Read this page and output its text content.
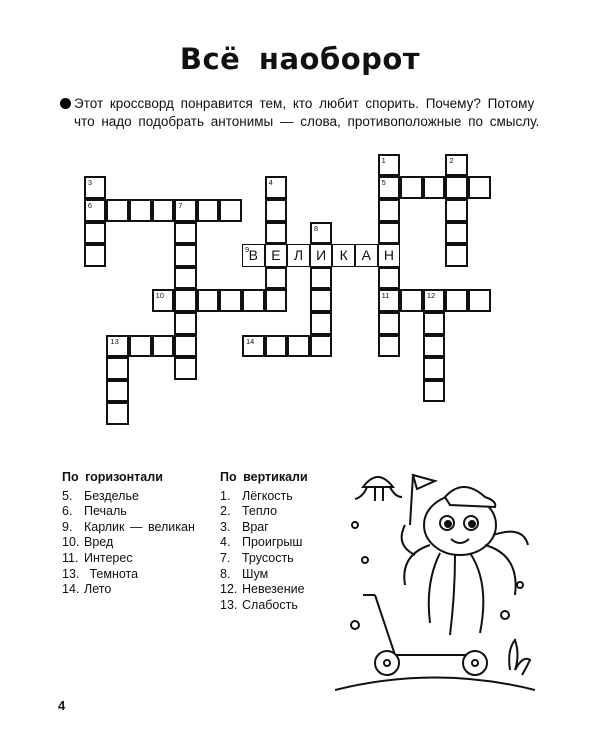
Всё наоборот
Этот кроссворд понравится тем, кто любит спорить. Почему? Потому что надо подобрать антонимы — слова, противоположные по смыслу.
1
5
Н
11
2
3
6
4
Е
7
8
И
9 В	Л	К А
10	12
13	14
По горизонтали
5. Безделье
6. Печаль
9. Карлик — великан
10. Вред
11. Интерес
13. Темнота
14. Лето
По вертикали
1. Лёгкость
2. Тепло
3. Враг
4. Проигрыш
7. Трусость
8. Шум
12. Невезение
13. Слабость
4
